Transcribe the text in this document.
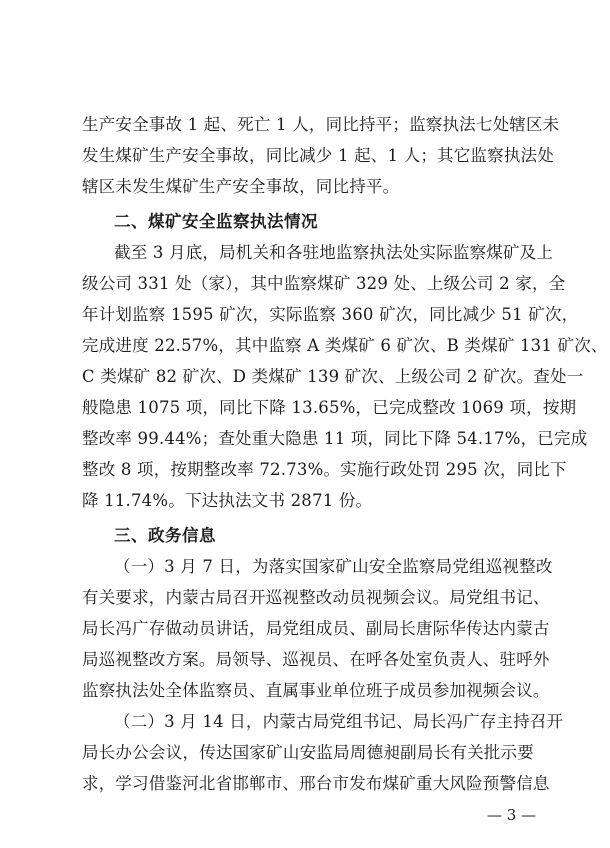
生产安全事故 1 起、死亡 1 人，同比持平；监察执法七处辖区未
发生煤矿生产安全事故，同比减少 1 起、1 人；其它监察执法处
辖区未发生煤矿生产安全事故，同比持平。
二、煤矿安全监察执法情况
截至 3 月底，局机关和各驻地监察执法处实际监察煤矿及上
级公司 331 处（家），其中监察煤矿 329 处、上级公司 2 家，全
年计划监察 1595 矿次，实际监察 360 矿次，同比减少 51 矿次，
完成进度 22.57%，其中监察 A 类煤矿 6 矿次、B 类煤矿 131 矿次、
C 类煤矿 82 矿次、D 类煤矿 139 矿次、上级公司 2 矿次。查处一
般隐患 1075 项，同比下降 13.65%，已完成整改 1069 项，按期
整改率 99.44%；查处重大隐患 11 项，同比下降 54.17%，已完成
整改 8 项，按期整改率 72.73%。实施行政处罚 295 次，同比下
降 11.74%。下达执法文书 2871 份。
三、政务信息
（一）3 月 7 日，为落实国家矿山安全监察局党组巡视整改
有关要求，内蒙古局召开巡视整改动员视频会议。局党组书记、
局长冯广存做动员讲话，局党组成员、副局长唐际华传达内蒙古
局巡视整改方案。局领导、巡视员、在呼各处室负责人、驻呼外
监察执法处全体监察员、直属事业单位班子成员参加视频会议。
（二）3 月 14 日，内蒙古局党组书记、局长冯广存主持召开
局长办公会议，传达国家矿山安监局周德昶副局长有关批示要
求，学习借鉴河北省邯郸市、邢台市发布煤矿重大风险预警信息
— 3 —
